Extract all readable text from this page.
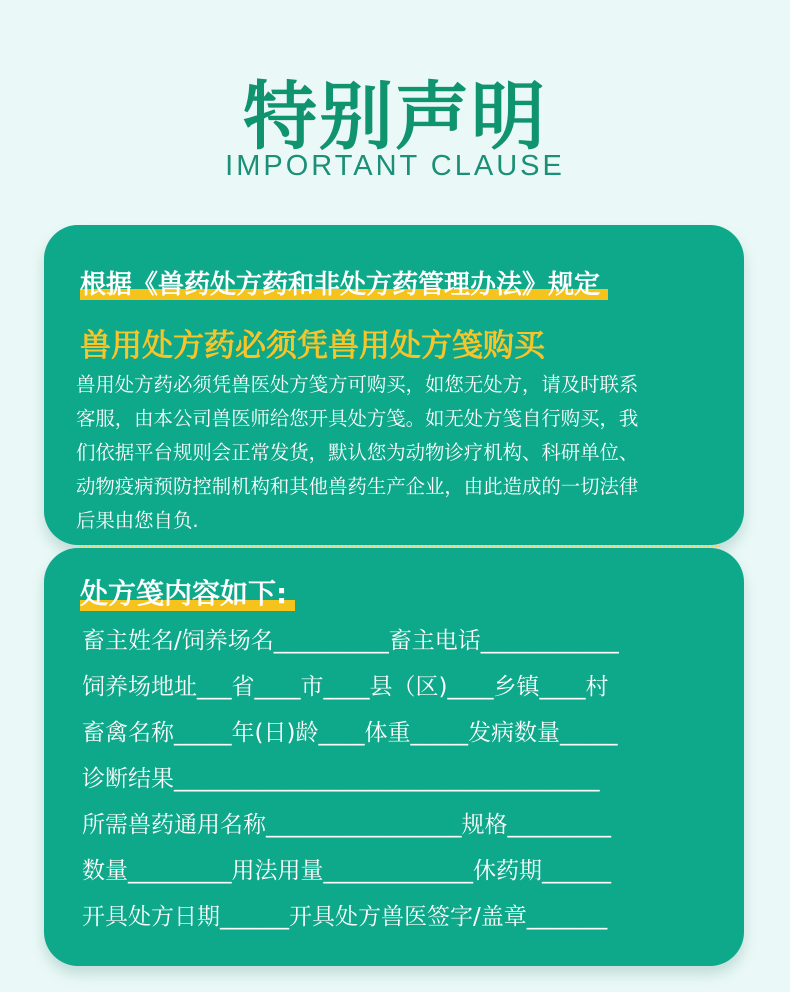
特别声明
IMPORTANT CLAUSE
根据《兽药处方药和非处方药管理办法》规定
兽用处方药必须凭兽用处方笺购买
兽用处方药必须凭兽医处方笺方可购买，如您无处方，请及时联系
客服，由本公司兽医师给您开具处方笺。如无处方笺自行购买，我
们依据平台规则会正常发货，默认您为动物诊疗机构、科研单位、
动物疫病预防控制机构和其他兽药生产企业，由此造成的一切法律
后果由您自负.
处方笺内容如下:
畜主姓名/饲养场名__________畜主电话____________
饲养场地址___省____市____县（区)____乡镇____村
畜禽名称_____年(日)龄____体重_____发病数量_____
诊断结果_____________________________________
所需兽药通用名称_________________规格_________
数量_________用法用量_____________休药期______
开具处方日期______开具处方兽医签字/盖章_______
